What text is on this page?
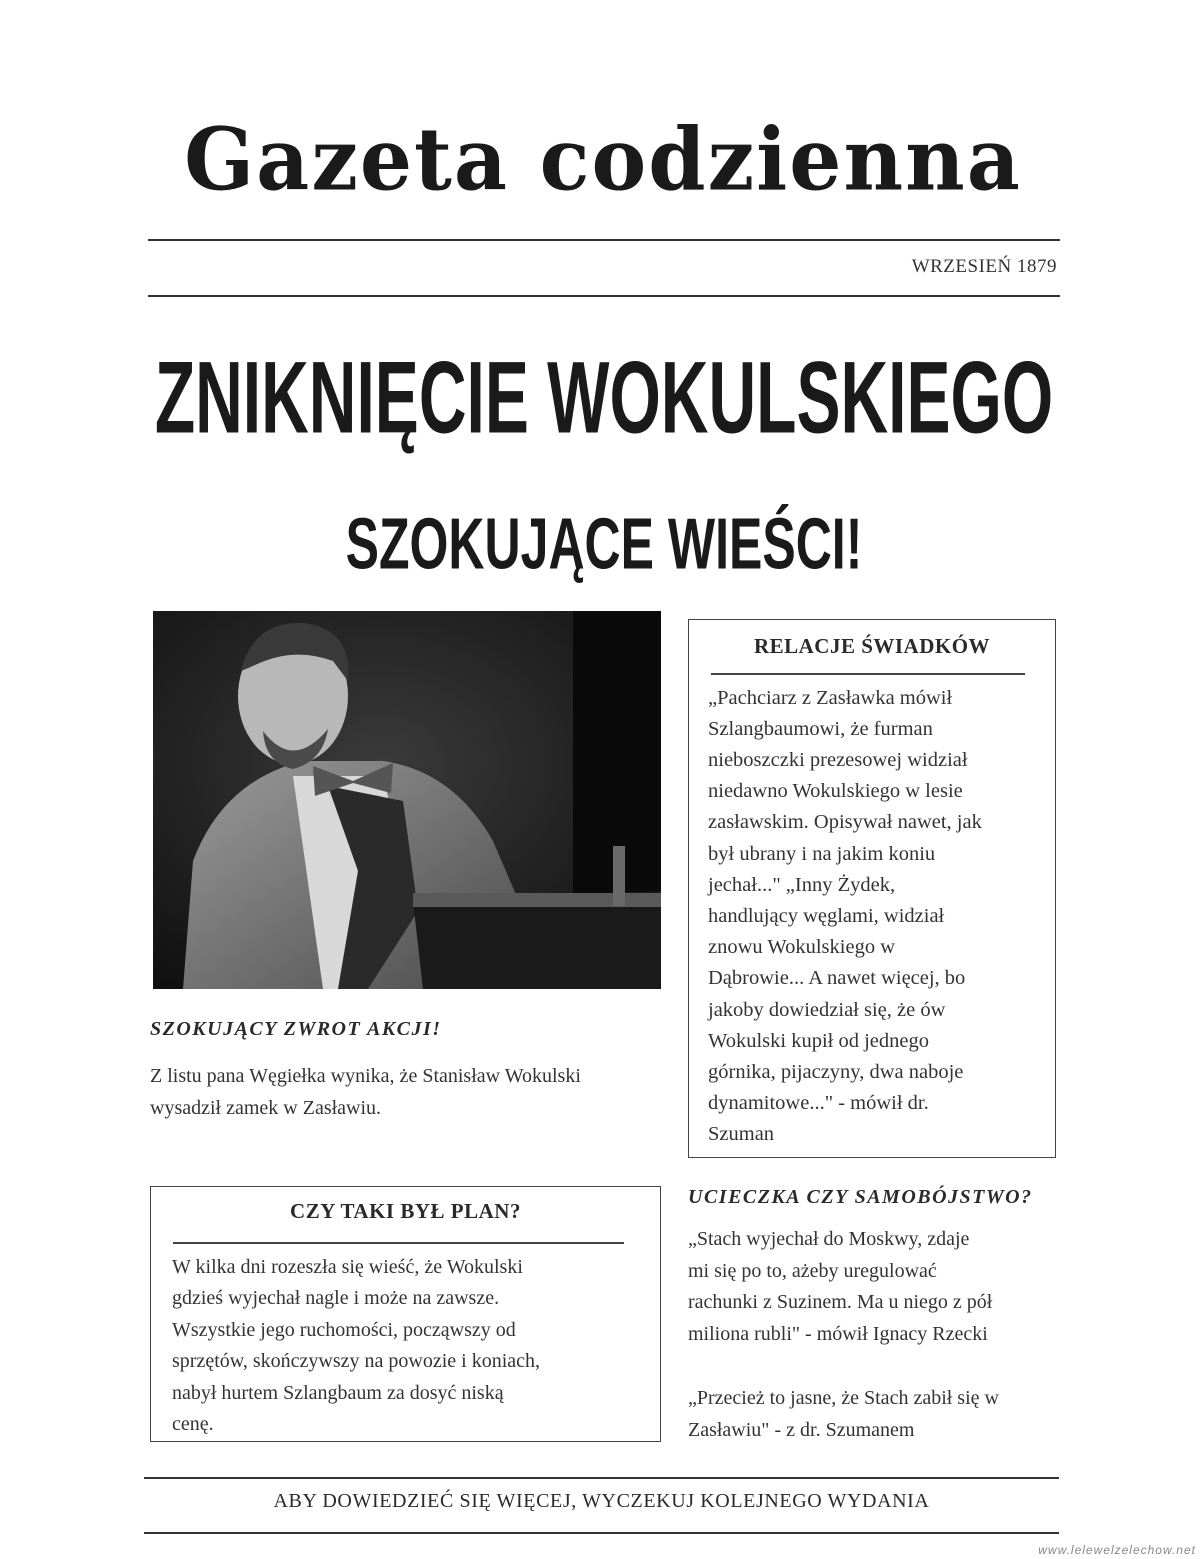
Gazeta codzienna
WRZESIEŃ 1879
ZNIKNIĘCIE WOKULSKIEGO
SZOKUJĄCE WIEŚCI!
SZOKUJĄCY ZWROT AKCJI!
Z listu pana Węgiełka wynika, że Stanisław Wokulski wysadził zamek w Zasławiu.
RELACJE ŚWIADKÓW
„Pachciarz z Zasławka mówił
Szlangbaumowi, że furman
nieboszczki prezesowej widział
niedawno Wokulskiego w lesie
zasławskim. Opisywał nawet, jak
był ubrany i na jakim koniu
jechał..." „Inny Żydek,
handlujący węglami, widział
znowu Wokulskiego w
Dąbrowie... A nawet więcej, bo
jakoby dowiedział się, że ów
Wokulski kupił od jednego
górnika, pijaczyny, dwa naboje
dynamitowe..." - mówił dr.
Szuman
CZY TAKI BYŁ PLAN?
W kilka dni rozeszła się wieść, że Wokulski
gdzieś wyjechał nagle i może na zawsze.
Wszystkie jego ruchomości, począwszy od
sprzętów, skończywszy na powozie i koniach,
nabył hurtem Szlangbaum za dosyć niską
cenę.
UCIECZKA CZY SAMOBÓJSTWO?
„Stach wyjechał do Moskwy, zdaje
mi się po to, ażeby uregulować
rachunki z Suzinem. Ma u niego z pół
miliona rubli" - mówił Ignacy Rzecki
„Przecież to jasne, że Stach zabił się w
Zasławiu" - z dr. Szumanem
ABY DOWIEDZIEĆ SIĘ WIĘCEJ, WYCZEKUJ KOLEJNEGO WYDANIA
www.lelewelzelechow.net
